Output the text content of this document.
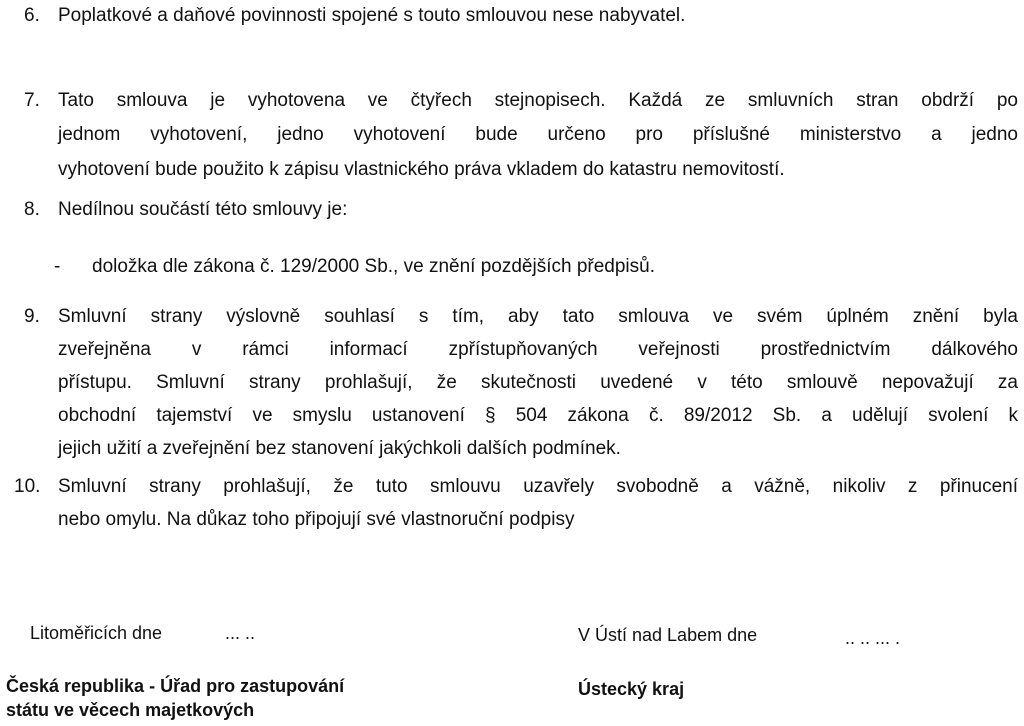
6. Poplatkové a daňové povinnosti spojené s touto smlouvou nese nabyvatel.
7. Tato smlouva je vyhotovena ve čtyřech stejnopisech. Každá ze smluvních stran obdrží po
jednom vyhotovení, jedno vyhotovení bude určeno pro příslušné ministerstvo a jedno
vyhotovení bude použito k zápisu vlastnického práva vkladem do katastru nemovitostí.
8. Nedílnou součástí této smlouvy je:
- doložka dle zákona č. 129/2000 Sb., ve znění pozdějších předpisů.
9. Smluvní strany výslovně souhlasí s tím, aby tato smlouva ve svém úplném znění byla
zveřejněna v rámci informací zpřístupňovaných veřejnosti prostřednictvím dálkového
přístupu. Smluvní strany prohlašují, že skutečnosti uvedené v této smlouvě nepovažují za
obchodní tajemství ve smyslu ustanovení § 504 zákona č. 89/2012 Sb. a udělují svolení k
jejich užití a zveřejnění bez stanovení jakýchkoli dalších podmínek.
10. Smluvní strany prohlašují, že tuto smlouvu uzavřely svobodně a vážně, nikoliv z přinucení
nebo omylu. Na důkaz toho připojují své vlastnoruční podpisy
Litoměřicích dne	... ..	V Ústí nad Labem dne	.. .. ... .
Česká republika - Úřad pro zastupování
státu ve věcech majetkových
Ústecký kraj
